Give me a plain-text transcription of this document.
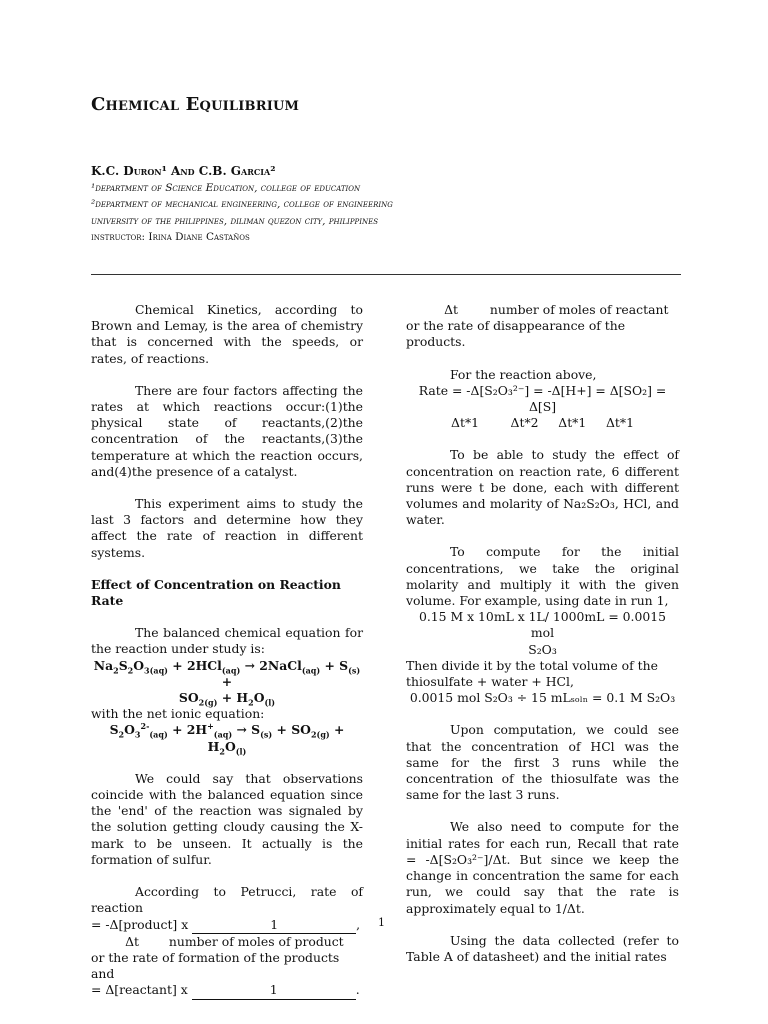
Chemical Equilibrium
K.C. Duron¹ And C.B. Garcia²
¹department of Science Education, college of education
²department of mechanical engineering, college of engineering
university of the philippines, diliman quezon city, philippines
instructor: Irina Diane Castaños

Chemical Kinetics, according to Brown and Lemay, is the area of chemistry that is concerned with the speeds, or rates, of reactions.

There are four factors affecting the rates at which reactions occur:(1)the physical state of reactants,(2)the concentration of the reactants,(3)the temperature at which the reaction occurs, and(4)the presence of a catalyst.

This experiment aims to study the last 3 factors and determine how they affect the rate of reaction in different systems.

Effect of Concentration on Reaction Rate

The balanced chemical equation for the reaction under study is:

$Na_2S_2O_{3(aq)} + 2HCl_{(aq)}$ → 2NaCl$_{(aq)}$ + $S_{(s)}$ +

$SO_{2(g)} + H_2O_{(l)}$

with the net ionic equation:

$S_2O_3^{2-}_{(aq)} + 2H^+_{(aq)} \to S_{(s)} + SO_{2(g)} + H_2O_{(l)}$

We could say that observations coincide with the balanced equation since the 'end' of the reaction was signaled by the solution getting cloudy causing the X-mark to be unseen. It actually is the formation of sulfur.

According to Petrucci, rate of reaction

= -Δ[product] x	1	,

Δt number of moles of product

or the rate of formation of the products and

= Δ[reactant] x	1	.

Δt	number of moles of reactant

or the rate of disappearance of the products.

For the reaction above,

Rate = -Δ[S₂O₃²⁻] = -Δ[H+] = Δ[SO₂] = Δ[S]

Δt*1        Δt*2     Δt*1     Δt*1

To be able to study the effect of concentration on reaction rate, 6 different runs were t be done, each with different volumes and molarity of Na₂S₂O₃, HCl, and water.

To compute for the initial concentrations, we take the original molarity and multiply it with the given volume. For example, using date in run 1,

0.15 M x 10mL x 1L/ 1000mL = 0.0015 mol

S₂O₃

Then divide it by the total volume of the thiosulfate + water + HCl,

0.0015 mol S₂O₃ ÷ 15 mLₛₒₗₙ = 0.1 M S₂O₃

Upon computation, we could see that the concentration of HCl was the same for the first 3 runs while the concentration of the thiosulfate was the same for the last 3 runs.

We also need to compute for the initial rates for each run, Recall that rate = -Δ[S₂O₃²⁻]/Δt. But since we keep the change in concentration the same for each run, we could say that the rate is approximately equal to 1/Δt.

Using the data collected (refer to Table A of datasheet) and the initial rates

1
